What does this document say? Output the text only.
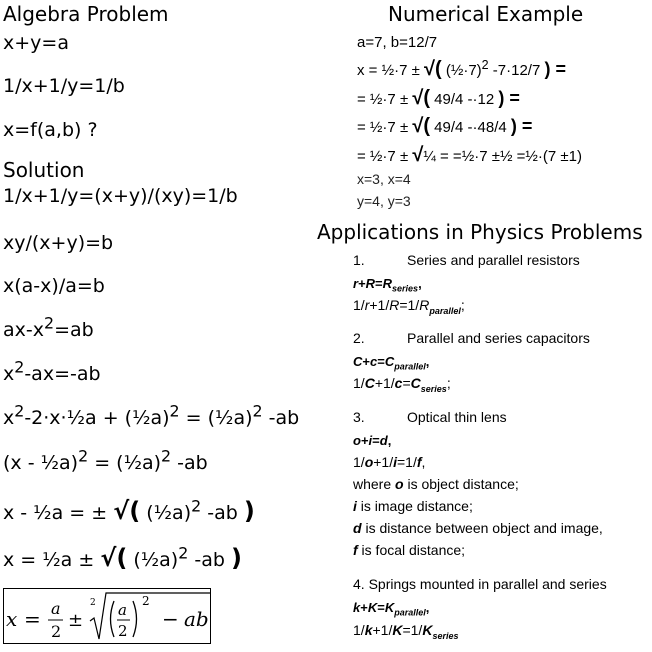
Algebra Problem
x+y=a
1/x+1/y=1/b
x=f(a,b) ?
Solution
1/x+1/y=(x+y)/(xy)=1/b
xy/(x+y)=b
x(a-x)/a=b
$ax-x^2=ab$
$x^2-ax=-ab$
$x^2-2\cdot x\cdot\frac{1}{2}a$ + (½a)$^2$ = (½a)$^2$ -ab
(x - ½a)$^2$ = (½a)$^2$ -ab
x - ½a = ± √( (½a)$^2$ -ab )
x = ½a ± √( (½a)$^2$ -ab )
x = a
2
±
2 a
2
2
− ab
Numerical Example
a=7, b=12/7
x = ½·7 ± √( (½·7)$^2$ -7·12/7 ) =
= ½·7 ± √( 49/4 -·12 ) =
= ½·7 ± √( 49/4 -·48/4 ) =
= ½·7 ± √¼ = =½·7 ±½ =½·(7 ±1)
x=3, x=4
y=4, y=3
Applications in Physics Problems
1.	Series and parallel resistors
$r+R=R_{series}$,
$1/r+1/R=1/R_{parallel}$;
2.	Parallel and series capacitors
$C+c=C_{parallel}$,
$1/C+1/c=C_{series}$;
3.	Optical thin lens
o+i=d,
1/o+1/i=1/f,
where o is object distance;
i is image distance;
d is distance between object and image,
f is focal distance;
4. Springs mounted in parallel and series
$k+K=K_{parallel}$,
$1/k+1/K=1/K_{series}$
